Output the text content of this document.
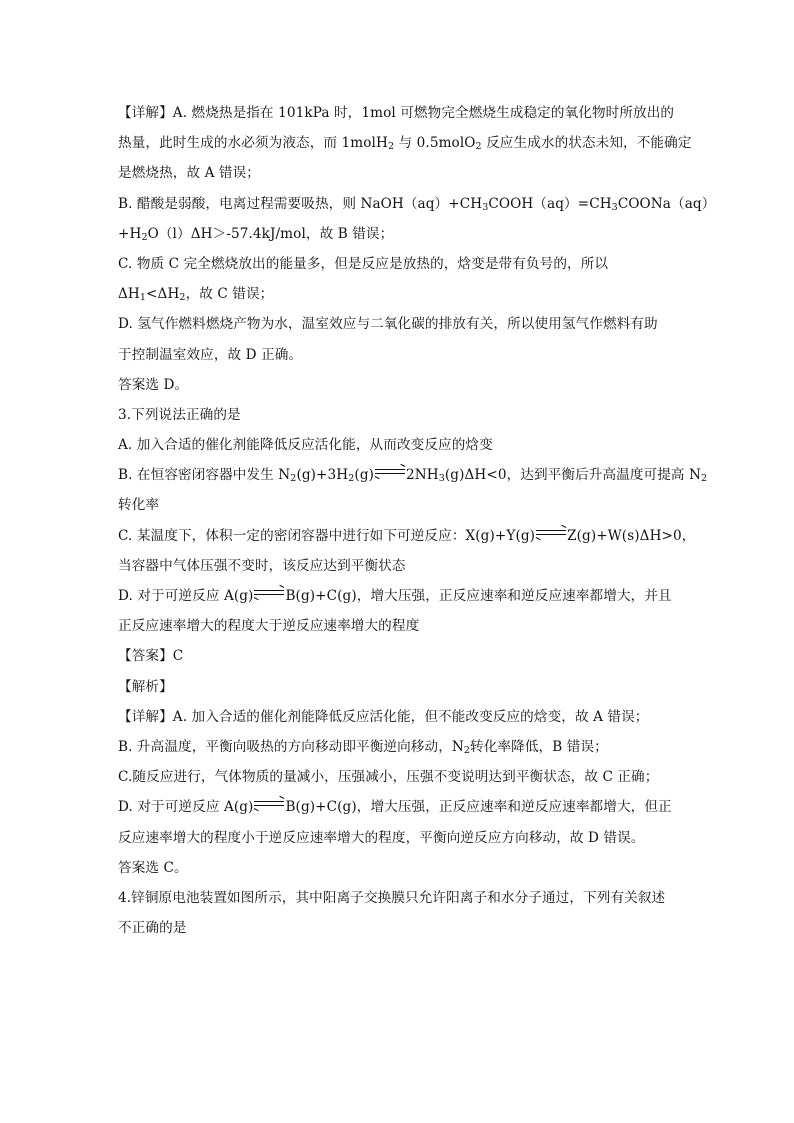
【详解】A. 燃烧热是指在 101kPa 时，1mol 可燃物完全燃烧生成稳定的氧化物时所放出的
热量，此时生成的水必须为液态，而 1molH$_2$ 与 0.5molO$_2$ 反应生成水的状态未知，不能确定
是燃烧热，故 A 错误；
B. 醋酸是弱酸，电离过程需要吸热，则 $NaOH(aq)+CH_3COOH(aq)=CH_3COONa(aq)$
$+H_2O(l)\Delta H>-57.4kJ$/mol，故 B 错误；
C. 物质 C 完全燃烧放出的能量多，但是反应是放热的，焓变是带有负号的，所以
$\Delta H_1<\Delta H_2$，故 C 错误；
D. 氢气作燃料燃烧产物为水，温室效应与二氧化碳的排放有关，所以使用氢气作燃料有助
于控制温室效应，故 D 正确。
答案选 D。
3.下列说法正确的是
A. 加入合适的催化剂能降低反应活化能，从而改变反应的焓变
B. 在恒容密闭容器中发生 $N_2(g)+3H_2(g)$ $2NH_3(g)\Delta H<0$，达到平衡后升高温度可提高 $N_2$
转化率
C. 某温度下，体积一定的密闭容器中进行如下可逆反应：X(g)+Y(g) Z(g)+W(s)ΔH>0，
当容器中气体压强不变时，该反应达到平衡状态
D. 对于可逆反应 A(g) B(g)+C(g)，增大压强，正反应速率和逆反应速率都增大，并且
正反应速率增大的程度大于逆反应速率增大的程度
【答案】C
【解析】
【详解】A. 加入合适的催化剂能降低反应活化能，但不能改变反应的焓变，故 A 错误；
B. 升高温度，平衡向吸热的方向移动即平衡逆向移动，$N_2$转化率降低，B 错误；
C.随反应进行，气体物质的量减小，压强减小，压强不变说明达到平衡状态，故 C 正确；
D. 对于可逆反应 A(g) B(g)+C(g)，增大压强，正反应速率和逆反应速率都增大，但正
反应速率增大的程度小于逆反应速率增大的程度，平衡向逆反应方向移动，故 D 错误。
答案选 C。
4.锌铜原电池装置如图所示，其中阳离子交换膜只允许阳离子和水分子通过，下列有关叙述
不正确的是
